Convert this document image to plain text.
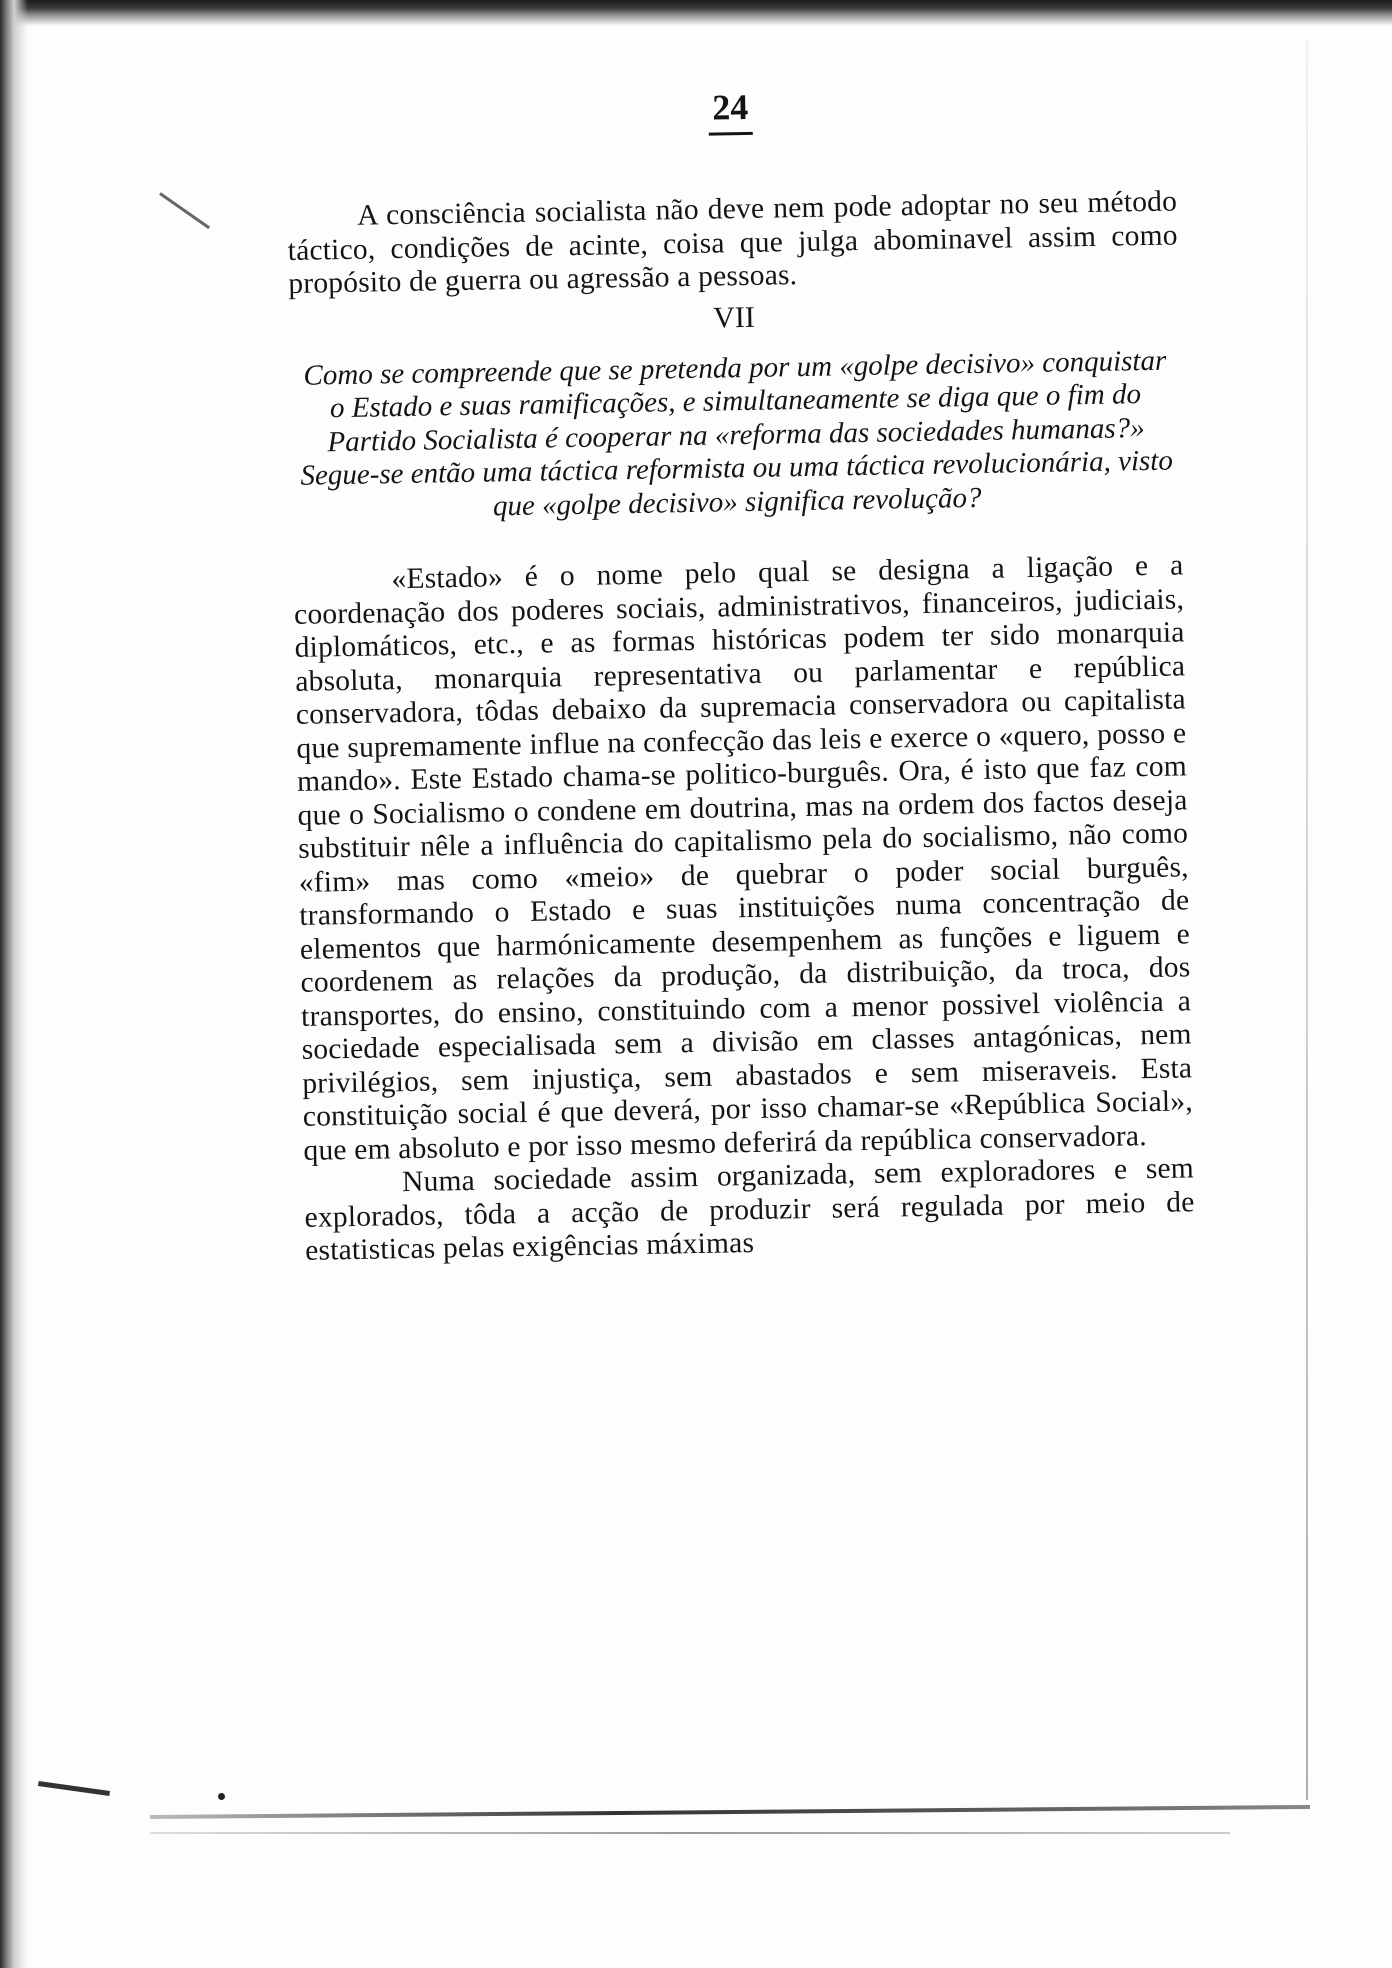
24

A consciência socialista não deve nem pode adoptar no seu método táctico, condições de acinte, coisa que julga abominavel assim como propósito de guerra ou agressão a pessoas.

VII

Como se compreende que se pretenda por um «golpe decisivo» conquistar o Estado e suas ramificações, e simultaneamente se diga que o fim do Partido Socialista é cooperar na «reforma das sociedades humanas?» Segue-se então uma táctica reformista ou uma táctica revolucionária, visto que «golpe decisivo» significa revolução?

«Estado» é o nome pelo qual se designa a ligação e a coordenação dos poderes sociais, administrativos, financeiros, judiciais, diplomáticos, etc., e as formas históricas podem ter sido monarquia absoluta, monarquia representativa ou parlamentar e república conservadora, tôdas debaixo da supremacia conservadora ou capitalista que supremamente influe na confecção das leis e exerce o «quero, posso e mando». Este Estado chama-se politico-burguês. Ora, é isto que faz com que o Socialismo o condene em doutrina, mas na ordem dos factos deseja substituir nêle a influência do capitalismo pela do socialismo, não como «fim» mas como «meio» de quebrar o poder social burguês, transformando o Estado e suas instituições numa concentração de elementos que harmónicamente desempenhem as funções e liguem e coordenem as relações da produção, da distribuição, da troca, dos transportes, do ensino, constituindo com a menor possivel violência a sociedade especialisada sem a divisão em classes antagónicas, nem privilégios, sem injustiça, sem abastados e sem miseraveis. Esta constituição social é que deverá, por isso chamar-se «República Social», que em absoluto e por isso mesmo deferirá da república conservadora.

Numa sociedade assim organizada, sem exploradores e sem explorados, tôda a acção de produzir será regulada por meio de estatisticas pelas exigências máximas
